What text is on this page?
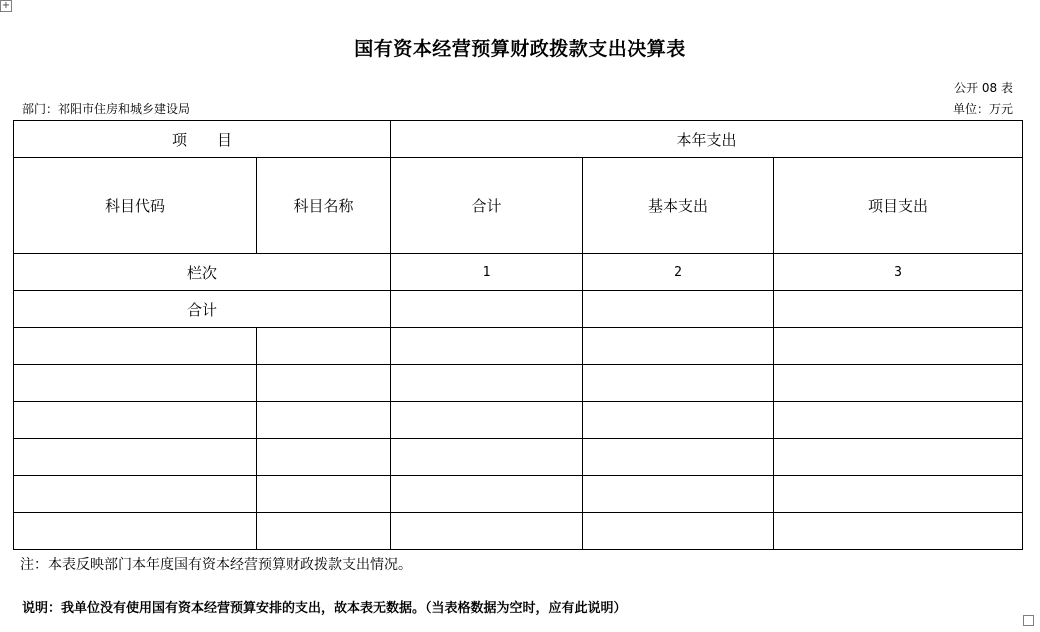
+
国有资本经营预算财政拨款支出决算表
公开 08 表
部门：祁阳市住房和城乡建设局	单位：万元
项　　目		本年支出		
科目代码	科目名称	合计	基本支出	项目支出
栏次		1	2	3
合计				

注：本表反映部门本年度国有资本经营预算财政拨款支出情况。
说明：我单位没有使用国有资本经营预算安排的支出，故本表无数据。（当表格数据为空时，应有此说明）
